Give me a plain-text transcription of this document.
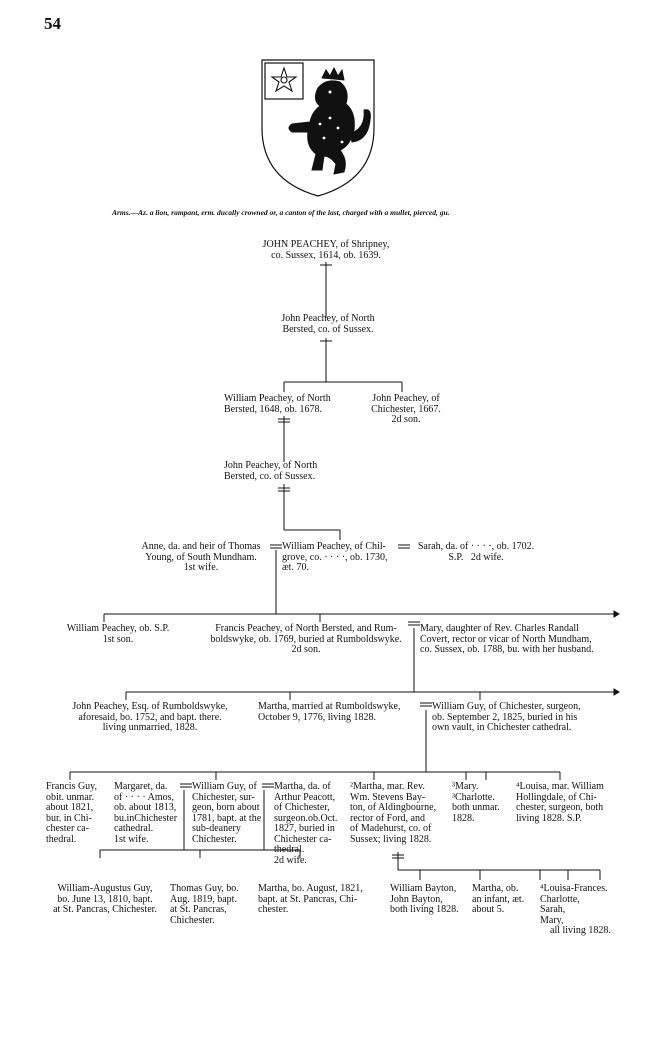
54
Arms.—Az. a lion, rampant, erm. ducally crowned or, a canton of the last, charged with a mullet, pierced, gu.
JOHN PEACHEY, of Shripney,
co. Sussex, 1614, ob. 1639.
John Peachey, of North
Bersted, co. of Sussex.
William Peachey, of North
Bersted, 1648, ob. 1678.
John Peachey, of
Chichester, 1667.
2d son.
John Peachey, of North
Bersted, co. of Sussex.
Anne, da. and heir of Thomas
Young, of South Mundham.
1st wife.
William Peachey, of Chil-
grove, co. · · · ·, ob. 1730,
æt. 70.
Sarah, da. of · · · ·, ob. 1702.
S.P.   2d wife.
William Peachey, ob. S.P.
1st son.
Francis Peachey, of North Bersted, and Rum-
boldswyke, ob. 1769, buried at Rumboldswyke.
2d son.
Mary, daughter of Rev. Charles Randall
Covert, rector or vicar of North Mundham,
co. Sussex, ob. 1788, bu. with her husband.
John Peachey, Esq. of Rumboldswyke,
aforesaid, bo. 1752, and bapt. there.
living unmarried, 1828.
Martha, married at Rumboldswyke,
October 9, 1776, living 1828.
William Guy, of Chichester, surgeon,
ob. September 2, 1825, buried in his
own vault, in Chichester cathedral.
Francis Guy,
obit. unmar.
about 1821,
bur. in Chi-
chester ca-
thedral.
Margaret, da.
of · · · · Amos,
ob. about 1813,
bu.inChichester
cathedral.
1st wife.
William Guy, of
Chichester, sur-
geon, born about
1781, bapt. at the
sub-deanery
Chichester.
Martha, da. of
Arthur Peacott,
of Chichester,
surgeon.ob.Oct.
1827, buried in
Chichester ca-
thedral.
2d wife.
²Martha, mar. Rev.
Wm. Stevens Bay-
ton, of Aldingbourne,
rector of Ford, and
of Madehurst, co. of
Sussex; living 1828.
³Mary.
³Charlotte.
both unmar.
1828.
⁴Louisa, mar. William
Hollingdale, of Chi-
chester, surgeon, both
living 1828. S.P.
William-Augustus Guy,
bo. June 13, 1810, bapt.
at St. Pancras, Chichester.
Thomas Guy, bo.
Aug. 1819, bapt.
at St. Pancras,
Chichester.
Martha, bo. August, 1821,
bapt. at St. Pancras, Chi-
chester.
William Bayton,
John Bayton,
both living 1828.
Martha, ob.
an infant, æt.
about 5.
⁴Louisa-Frances.
Charlotte,
Sarah,
Mary,
all living 1828.
